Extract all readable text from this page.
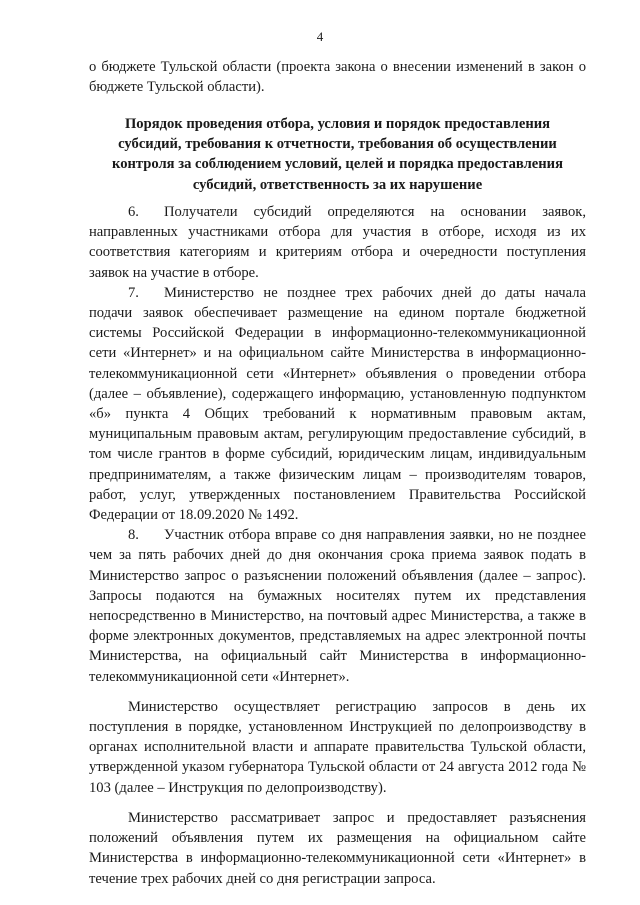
4

о бюджете Тульской области (проекта закона о внесении изменений в закон о бюджете Тульской области).

Порядок проведения отбора, условия и порядок предоставления
субсидий, требования к отчетности, требования об осуществлении
контроля за соблюдением условий, целей и порядка предоставления
субсидий, ответственность за их нарушение

6. Получатели субсидий определяются на основании заявок, направленных участниками отбора для участия в отборе, исходя из их соответствия категориям и критериям отбора и очередности поступления заявок на участие в отборе.

7. Министерство не позднее трех рабочих дней до даты начала подачи заявок обеспечивает размещение на едином портале бюджетной системы Российской Федерации в информационно-телекоммуникационной сети «Интернет» и на официальном сайте Министерства в информационно-телекоммуникационной сети «Интернет» объявления о проведении отбора (далее – объявление), содержащего информацию, установленную подпунктом «б» пункта 4 Общих требований к нормативным правовым актам, муниципальным правовым актам, регулирующим предоставление субсидий, в том числе грантов в форме субсидий, юридическим лицам, индивидуальным предпринимателям, а также физическим лицам – производителям товаров, работ, услуг, утвержденных постановлением Правительства Российской Федерации от 18.09.2020 № 1492.

8. Участник отбора вправе со дня направления заявки, но не позднее чем за пять рабочих дней до дня окончания срока приема заявок подать в Министерство запрос о разъяснении положений объявления (далее – запрос). Запросы подаются на бумажных носителях путем их представления непосредственно в Министерство, на почтовый адрес Министерства, а также в форме электронных документов, представляемых на адрес электронной почты Министерства, на официальный сайт Министерства в информационно-телекоммуникационной сети «Интернет».

Министерство осуществляет регистрацию запросов в день их поступления в порядке, установленном Инструкцией по делопроизводству в органах исполнительной власти и аппарате правительства Тульской области, утвержденной указом губернатора Тульской области от 24 августа 2012 года № 103 (далее – Инструкция по делопроизводству).

Министерство рассматривает запрос и предоставляет разъяснения положений объявления путем их размещения на официальном сайте Министерства в информационно-телекоммуникационной сети «Интернет» в течение трех рабочих дней со дня регистрации запроса.
